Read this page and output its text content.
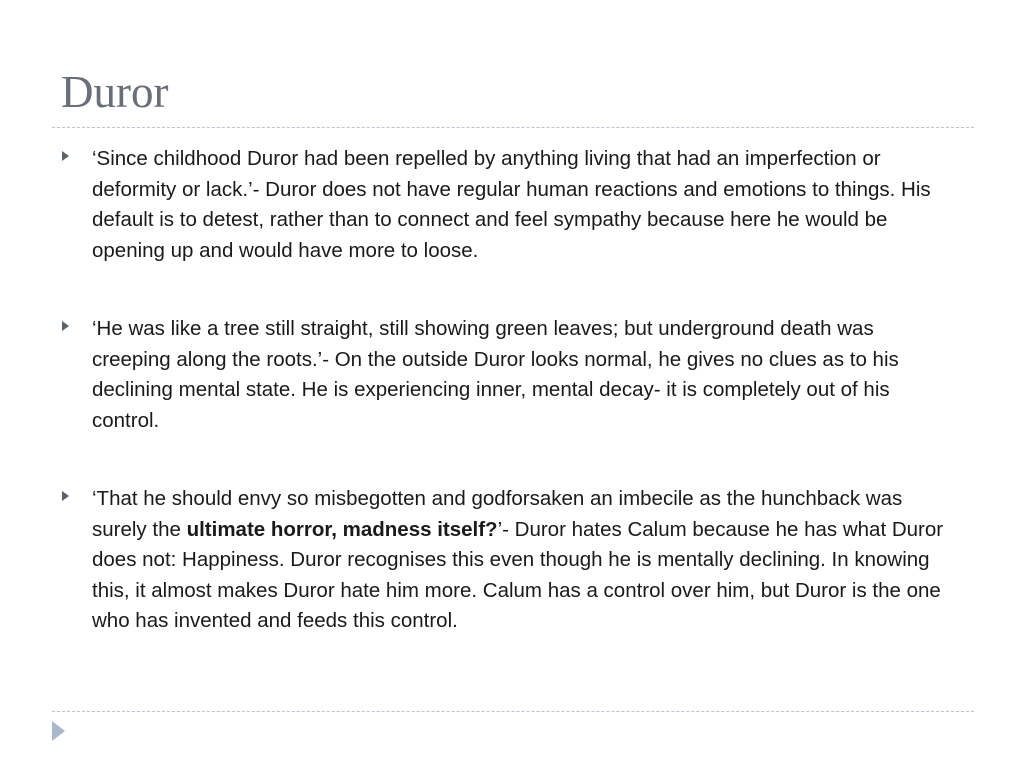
Duror

‘Since childhood Duror had been repelled by anything living that had an imperfection or deformity or lack.’- Duror does not have regular human reactions and emotions to things. His default is to detest, rather than to connect and feel sympathy because here he would be opening up and would have more to loose.

‘He was like a tree still straight, still showing green leaves; but underground death was creeping along the roots.’- On the outside Duror looks normal, he gives no clues as to his declining mental state. He is experiencing inner, mental decay- it is completely out of his control.

‘That he should envy so misbegotten and godforsaken an imbecile as the hunchback was surely the ultimate horror, madness itself?’- Duror hates Calum because he has what Duror does not: Happiness. Duror recognises this even though he is mentally declining. In knowing this, it almost makes Duror hate him more. Calum has a control over him, but Duror is the one who has invented and feeds this control.
